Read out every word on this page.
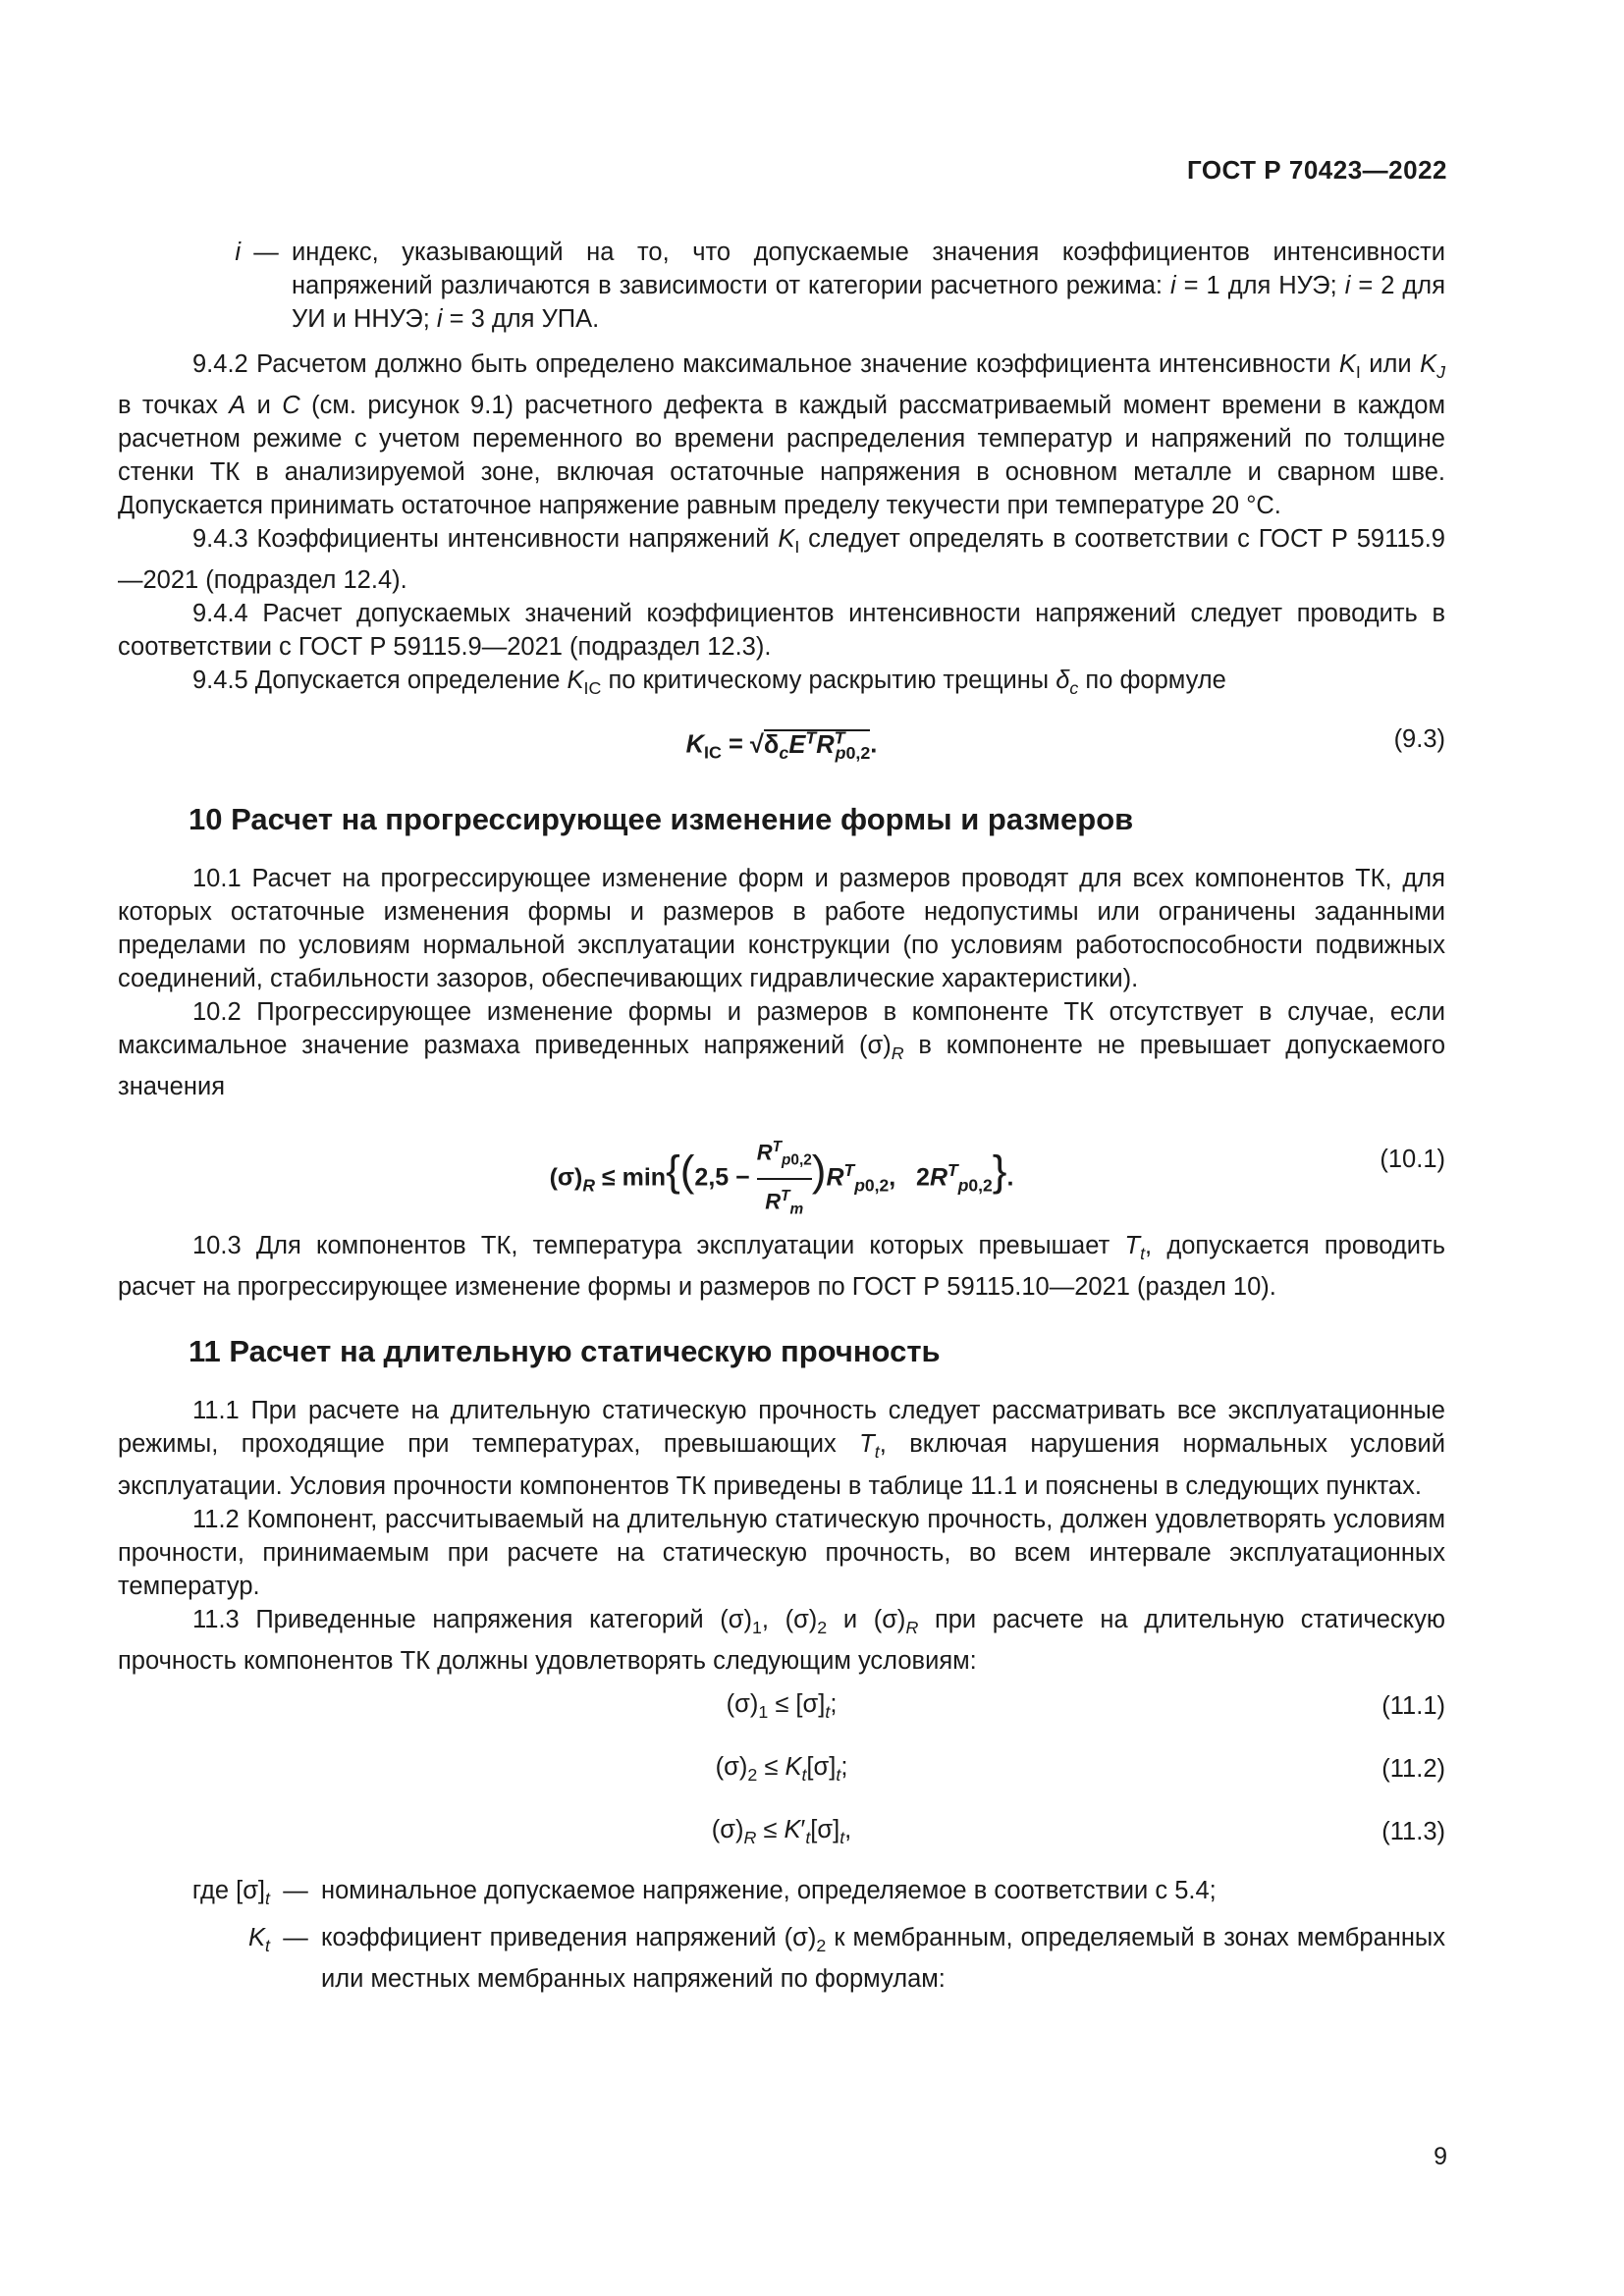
ГОСТ Р 70423—2022
i — индекс, указывающий на то, что допускаемые значения коэффициентов интенсивности напряжений различаются в зависимости от категории расчетного режима: i = 1 для НУЭ; i = 2 для УИ и ННУЭ; i = 3 для УПА.

9.4.2 Расчетом должно быть определено максимальное значение коэффициента интенсивности $K_I$ или $K_J$ в точках A и C (см. рисунок 9.1) расчетного дефекта в каждый рассматриваемый момент времени в каждом расчетном режиме с учетом переменного во времени распределения температур и напряжений по толщине стенки ТК в анализируемой зоне, включая остаточные напряжения в основном металле и сварном шве. Допускается принимать остаточное напряжение равным пределу текучести при температуре 20 °С.

9.4.3 Коэффициенты интенсивности напряжений $K_I$ следует определять в соответствии с ГОСТ Р 59115.9—2021 (подраздел 12.4).

9.4.4 Расчет допускаемых значений коэффициентов интенсивности напряжений следует проводить в соответствии с ГОСТ Р 59115.9—2021 (подраздел 12.3).

9.4.5 Допускается определение $K_{IC}$ по критическому раскрытию трещины $\delta_c$ по формуле

$K_{IC} = √\delta_cE^TR^T_{p0,2}$.	(9.3)
10 Расчет на прогрессирующее изменение формы и размеров

10.1 Расчет на прогрессирующее изменение форм и размеров проводят для всех компонентов ТК, для которых остаточные изменения формы и размеров в работе недопустимы или ограничены заданными пределами по условиям нормальной эксплуатации конструкции (по условиям работоспособности подвижных соединений, стабильности зазоров, обеспечивающих гидравлические характеристики).

10.2 Прогрессирующее изменение формы и размеров в компоненте ТК отсутствует в случае, если максимальное значение размаха приведенных напряжений $(\sigma)_R$ в компоненте не превышает допускаемого значения

$(\sigma)_R \le \min\{(2,5$ −
$R^T_{p0,2}$
$R^T_m$
)$R^T_{p0,2}$,   $2R^T_{p0,2}$}.
(10.1)

10.3 Для компонентов ТК, температура эксплуатации которых превышает $T_t$, допускается проводить расчет на прогрессирующее изменение формы и размеров по ГОСТ Р 59115.10—2021 (раздел 10).

11 Расчет на длительную статическую прочность

11.1 При расчете на длительную статическую прочность следует рассматривать все эксплуатационные режимы, проходящие при температурах, превышающих $T_t$, включая нарушения нормальных условий эксплуатации. Условия прочности компонентов ТК приведены в таблице 11.1 и пояснены в следующих пунктах.

11.2 Компонент, рассчитываемый на длительную статическую прочность, должен удовлетворять условиям прочности, принимаемым при расчете на статическую прочность, во всем интервале эксплуатационных температур.

11.3 Приведенные напряжения категорий $(\sigma)_1$, $(\sigma)_2$ и $(\sigma)_R$ при расчете на длительную статическую прочность компонентов ТК должны удовлетворять следующим условиям:

$(\sigma)_1 \le [\sigma]_t$;	(11.1)
$(\sigma)_2 \le K_t[\sigma]_t$;	(11.2)
$(\sigma)_R \le K'_t[\sigma]_t$,	(11.3)
где $[\sigma]_t$ — номинальное допускаемое напряжение, определяемое в соответствии с 5.4;
$K_t$ — коэффициент приведения напряжений $(\sigma)_2$ к мембранным, определяемый в зонах мембранных или местных мембранных напряжений по формулам:
9
